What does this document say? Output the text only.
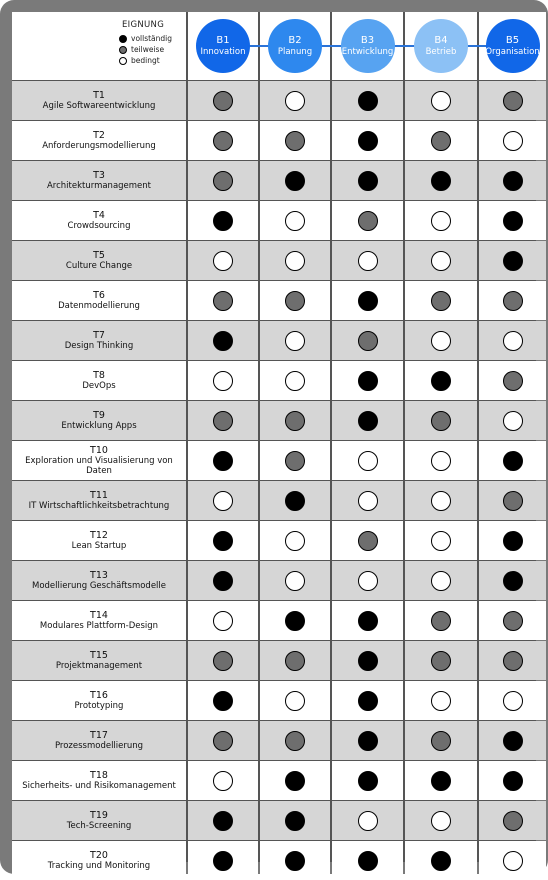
EIGNUNG
vollständig
teilweise
bedingt
B1
Innovation
B2
Planung
B3
Entwicklung
B4
Betrieb
B5
Organisation
T1
Agile Softwareentwicklung
T2
Anforderungsmodellierung
T3
Architekturmanagement
T4
Crowdsourcing
T5
Culture Change
T6
Datenmodellierung
T7
Design Thinking
T8
DevOps
T9
Entwicklung Apps
T10
Exploration und Visualisierung von Daten
T11
IT Wirtschaftlichkeitsbetrachtung
T12
Lean Startup
T13
Modellierung Geschäftsmodelle
T14
Modulares Plattform-Design
T15
Projektmanagement
T16
Prototyping
T17
Prozessmodellierung
T18
Sicherheits- und Risikomanagement
T19
Tech-Screening
T20
Tracking und Monitoring
